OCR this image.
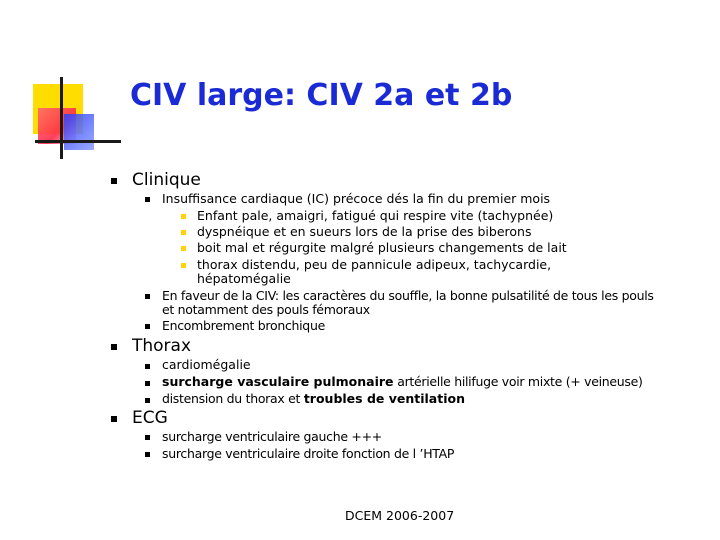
CIV large: CIV 2a et 2b
Clinique
Insuffisance cardiaque (IC) précoce dés la fin du premier mois
Enfant pale, amaigri, fatigué qui respire vite (tachypnée)
dyspnéique et en sueurs lors de la prise des biberons
boit mal et régurgite malgré plusieurs changements de lait
thorax distendu, peu de pannicule adipeux, tachycardie,
hépatomégalie
En faveur de la CIV: les caractères du souffle, la bonne pulsatilité de tous les pouls
et notamment des pouls fémoraux
Encombrement bronchique
Thorax
cardiomégalie
surcharge vasculaire pulmonaire artérielle hilifuge voir mixte (+ veineuse)
distension du thorax et troubles de ventilation
ECG
surcharge ventriculaire gauche +++
surcharge ventriculaire droite fonction de l ’HTAP
DCEM 2006-2007
